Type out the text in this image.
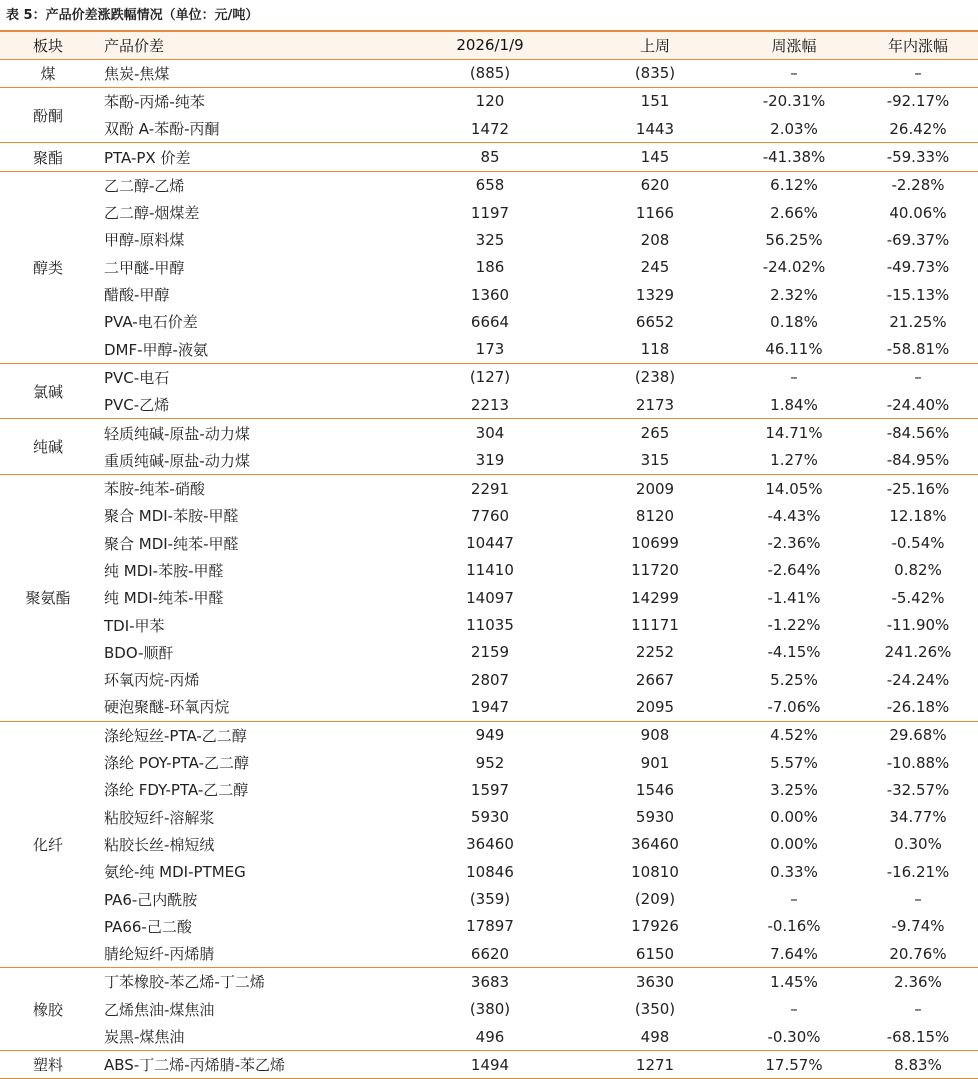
表 5：产品价差涨跌幅情况（单位：元/吨）
板块	产品价差	2026/1/9	上周	周涨幅	年内涨幅
煤	焦炭-焦煤	(885)	(835)	–	–
酚酮	苯酚-丙烯-纯苯	120	151	-20.31%	-92.17%
	双酚 A-苯酚-丙酮	1472	1443	2.03%	26.42%
聚酯	PTA-PX 价差	85	145	-41.38%	-59.33%
醇类	乙二醇-乙烯	658	620	6.12%	-2.28%
	乙二醇-烟煤差	1197	1166	2.66%	40.06%
	甲醇-原料煤	325	208	56.25%	-69.37%
	二甲醚-甲醇	186	245	-24.02%	-49.73%
	醋酸-甲醇	1360	1329	2.32%	-15.13%
	PVA-电石价差	6664	6652	0.18%	21.25%
	DMF-甲醇-液氨	173	118	46.11%	-58.81%
氯碱	PVC-电石	(127)	(238)	–	–
	PVC-乙烯	2213	2173	1.84%	-24.40%
纯碱	轻质纯碱-原盐-动力煤	304	265	14.71%	-84.56%
	重质纯碱-原盐-动力煤	319	315	1.27%	-84.95%
聚氨酯	苯胺-纯苯-硝酸	2291	2009	14.05%	-25.16%
	聚合 MDI-苯胺-甲醛	7760	8120	-4.43%	12.18%
	聚合 MDI-纯苯-甲醛	10447	10699	-2.36%	-0.54%
	纯 MDI-苯胺-甲醛	11410	11720	-2.64%	0.82%
	纯 MDI-纯苯-甲醛	14097	14299	-1.41%	-5.42%
	TDI-甲苯	11035	11171	-1.22%	-11.90%
	BDO-顺酐	2159	2252	-4.15%	241.26%
	环氧丙烷-丙烯	2807	2667	5.25%	-24.24%
	硬泡聚醚-环氧丙烷	1947	2095	-7.06%	-26.18%
化纤	涤纶短丝-PTA-乙二醇	949	908	4.52%	29.68%
	涤纶 POY-PTA-乙二醇	952	901	5.57%	-10.88%
	涤纶 FDY-PTA-乙二醇	1597	1546	3.25%	-32.57%
	粘胶短纤-溶解浆	5930	5930	0.00%	34.77%
	粘胶长丝-棉短绒	36460	36460	0.00%	0.30%
	氨纶-纯 MDI-PTMEG	10846	10810	0.33%	-16.21%
	PA6-己内酰胺	(359)	(209)	–	–
	PA66-己二酸	17897	17926	-0.16%	-9.74%
	腈纶短纤-丙烯腈	6620	6150	7.64%	20.76%
橡胶	丁苯橡胶-苯乙烯-丁二烯	3683	3630	1.45%	2.36%
	乙烯焦油-煤焦油	(380)	(350)	–	–
	炭黑-煤焦油	496	498	-0.30%	-68.15%
塑料	ABS-丁二烯-丙烯腈-苯乙烯	1494	1271	17.57%	8.83%
